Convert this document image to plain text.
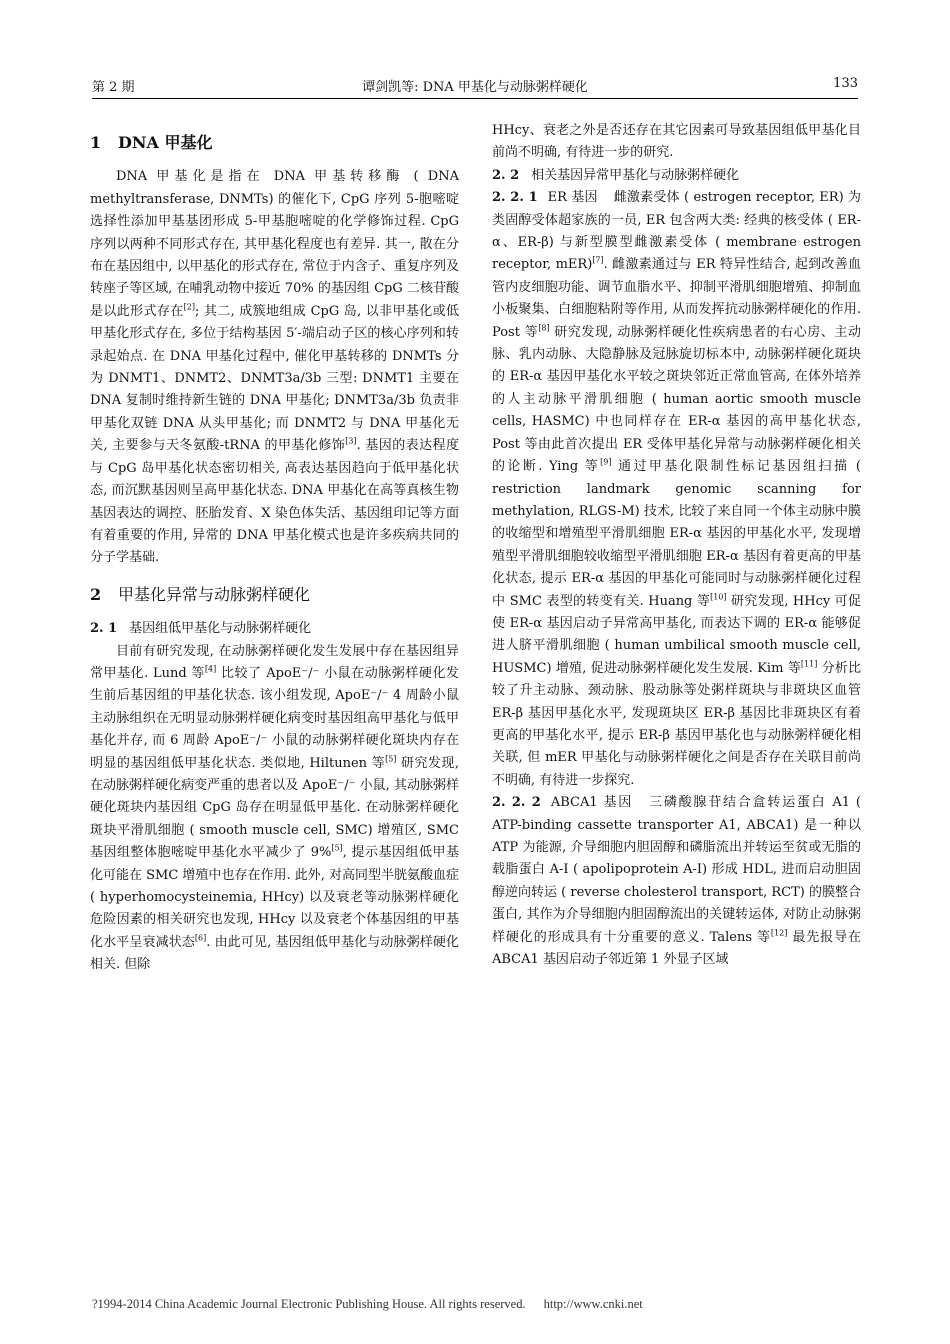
第 2 期	谭剑凯等: DNA 甲基化与动脉粥样硬化	133
1 DNA 甲基化

DNA 甲基化是指在 DNA 甲基转移酶 ( DNA methyltransferase, DNMTs) 的催化下, CpG 序列 5-胞嘧啶选择性添加甲基基团形成 5-甲基胞嘧啶的化学修饰过程. CpG 序列以两种不同形式存在, 其甲基化程度也有差异. 其一, 散在分布在基因组中, 以甲基化的形式存在, 常位于内含子、重复序列及转座子等区域, 在哺乳动物中接近 70% 的基因组 CpG 二核苷酸是以此形式存在[2]; 其二, 成簇地组成 CpG 岛, 以非甲基化或低甲基化形式存在, 多位于结构基因 5′-端启动子区的核心序列和转录起始点. 在 DNA 甲基化过程中, 催化甲基转移的 DNMTs 分为 DNMT1、DNMT2、DNMT3a/3b 三型: DNMT1 主要在 DNA 复制时维持新生链的 DNA 甲基化; DNMT3a/3b 负责非甲基化双链 DNA 从头甲基化; 而 DNMT2 与 DNA 甲基化无关, 主要参与天冬氨酸-tRNA 的甲基化修饰[3]. 基因的表达程度与 CpG 岛甲基化状态密切相关, 高表达基因趋向于低甲基化状态, 而沉默基因则呈高甲基化状态. DNA 甲基化在高等真核生物基因表达的调控、胚胎发育、X 染色体失活、基因组印记等方面有着重要的作用, 异常的 DNA 甲基化模式也是许多疾病共同的分子学基础.

2 甲基化异常与动脉粥样硬化

2. 1 基因组低甲基化与动脉粥样硬化

目前有研究发现, 在动脉粥样硬化发生发展中存在基因组异常甲基化. Lund 等[4] 比较了 ApoE⁻/⁻ 小鼠在动脉粥样硬化发生前后基因组的甲基化状态. 该小组发现, ApoE⁻/⁻ 4 周龄小鼠主动脉组织在无明显动脉粥样硬化病变时基因组高甲基化与低甲基化并存, 而 6 周龄 ApoE⁻/⁻ 小鼠的动脉粥样硬化斑块内存在明显的基因组低甲基化状态. 类似地, Hiltunen 等[5] 研究发现, 在动脉粥样硬化病变严重的患者以及 ApoE⁻/⁻ 小鼠, 其动脉粥样硬化斑块内基因组 CpG 岛存在明显低甲基化. 在动脉粥样硬化斑块平滑肌细胞 ( smooth muscle cell, SMC) 增殖区, SMC 基因组整体胞嘧啶甲基化水平减少了 9%[5], 提示基因组低甲基化可能在 SMC 增殖中也存在作用. 此外, 对高同型半胱氨酸血症 ( hyperhomocysteinemia, HHcy) 以及衰老等动脉粥样硬化危险因素的相关研究也发现, HHcy 以及衰老个体基因组的甲基化水平呈衰减状态[6]. 由此可见, 基因组低甲基化与动脉粥样硬化相关. 但除

HHcy、衰老之外是否还存在其它因素可导致基因组低甲基化目前尚不明确, 有待进一步的研究.

2. 2 相关基因异常甲基化与动脉粥样硬化

2. 2. 1 ER 基因 雌激素受体 ( estrogen receptor, ER) 为类固醇受体超家族的一员, ER 包含两大类: 经典的核受体 ( ER-α、ER-β) 与新型膜型雌激素受体 ( membrane estrogen receptor, mER)[7]. 雌激素通过与 ER 特异性结合, 起到改善血管内皮细胞功能、调节血脂水平、抑制平滑肌细胞增殖、抑制血小板聚集、白细胞粘附等作用, 从而发挥抗动脉粥样硬化的作用. Post 等[8] 研究发现, 动脉粥样硬化性疾病患者的右心房、主动脉、乳内动脉、大隐静脉及冠脉旋切标本中, 动脉粥样硬化斑块的 ER-α 基因甲基化水平较之斑块邻近正常血管高, 在体外培养的人主动脉平滑肌细胞 ( human aortic smooth muscle cells, HASMC) 中也同样存在 ER-α 基因的高甲基化状态, Post 等由此首次提出 ER 受体甲基化异常与动脉粥样硬化相关的论断. Ying 等[9] 通过甲基化限制性标记基因组扫描 ( restriction landmark genomic scanning for methylation, RLGS-M) 技术, 比较了来自同一个体主动脉中膜的收缩型和增殖型平滑肌细胞 ER-α 基因的甲基化水平, 发现增殖型平滑肌细胞较收缩型平滑肌细胞 ER-α 基因有着更高的甲基化状态, 提示 ER-α 基因的甲基化可能同时与动脉粥样硬化过程中 SMC 表型的转变有关. Huang 等[10] 研究发现, HHcy 可促使 ER-α 基因启动子异常高甲基化, 而表达下调的 ER-α 能够促进人脐平滑肌细胞 ( human umbilical smooth muscle cell, HUSMC) 增殖, 促进动脉粥样硬化发生发展. Kim 等[11] 分析比较了升主动脉、颈动脉、股动脉等处粥样斑块与非斑块区血管 ER-β 基因甲基化水平, 发现斑块区 ER-β 基因比非斑块区有着更高的甲基化水平, 提示 ER-β 基因甲基化也与动脉粥样硬化相关联, 但 mER 甲基化与动脉粥样硬化之间是否存在关联目前尚不明确, 有待进一步探究.

2. 2. 2 ABCA1 基因 三磷酸腺苷结合盒转运蛋白 A1 ( ATP-binding cassette transporter A1, ABCA1) 是一种以 ATP 为能源, 介导细胞内胆固醇和磷脂流出并转运至贫或无脂的载脂蛋白 A-I ( apolipoprotein A-I) 形成 HDL, 进而启动胆固醇逆向转运 ( reverse cholesterol transport, RCT) 的膜整合蛋白, 其作为介导细胞内胆固醇流出的关键转运体, 对防止动脉粥样硬化的形成具有十分重要的意义. Talens 等[12] 最先报导在 ABCA1 基因启动子邻近第 1 外显子区域

?1994-2014 China Academic Journal Electronic Publishing House. All rights reserved. http://www.cnki.net
